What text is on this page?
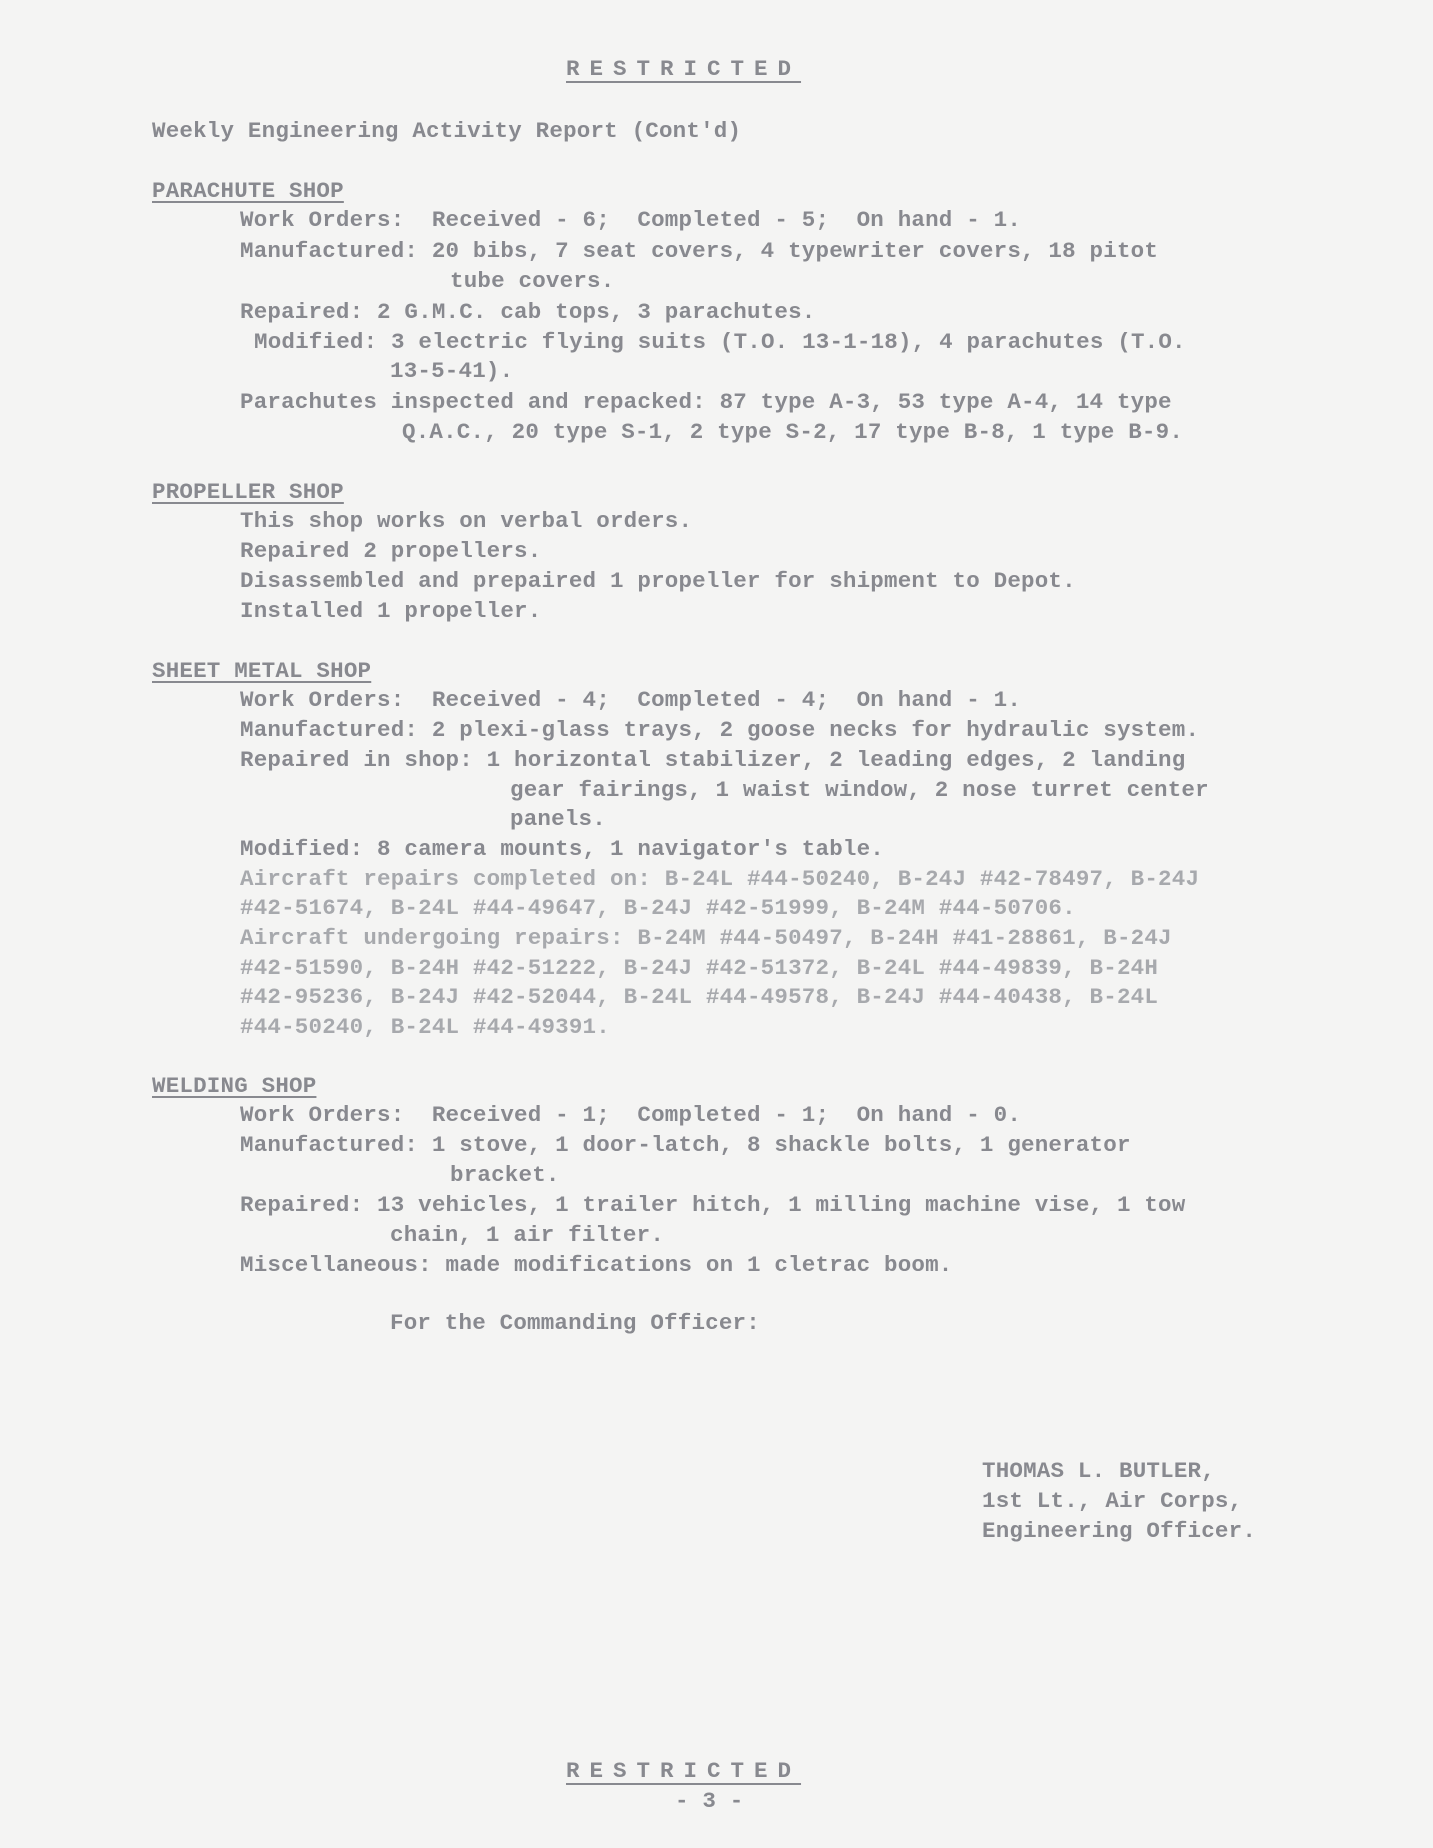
RESTRICTED
Weekly Engineering Activity Report (Cont'd)
PARACHUTE SHOP
Work Orders:  Received - 6;  Completed - 5;  On hand - 1.
Manufactured: 20 bibs, 7 seat covers, 4 typewriter covers, 18 pitot
tube covers.
Repaired: 2 G.M.C. cab tops, 3 parachutes.
Modified: 3 electric flying suits (T.O. 13-1-18), 4 parachutes (T.O.
13-5-41).
Parachutes inspected and repacked: 87 type A-3, 53 type A-4, 14 type
Q.A.C., 20 type S-1, 2 type S-2, 17 type B-8, 1 type B-9.
PROPELLER SHOP
This shop works on verbal orders.
Repaired 2 propellers.
Disassembled and prepaired 1 propeller for shipment to Depot.
Installed 1 propeller.
SHEET METAL SHOP
Work Orders:  Received - 4;  Completed - 4;  On hand - 1.
Manufactured: 2 plexi-glass trays, 2 goose necks for hydraulic system.
Repaired in shop: 1 horizontal stabilizer, 2 leading edges, 2 landing
gear fairings, 1 waist window, 2 nose turret center
panels.
Modified: 8 camera mounts, 1 navigator's table.
Aircraft repairs completed on: B-24L #44-50240, B-24J #42-78497, B-24J
#42-51674, B-24L #44-49647, B-24J #42-51999, B-24M #44-50706.
Aircraft undergoing repairs: B-24M #44-50497, B-24H #41-28861, B-24J
#42-51590, B-24H #42-51222, B-24J #42-51372, B-24L #44-49839, B-24H
#42-95236, B-24J #42-52044, B-24L #44-49578, B-24J #44-40438, B-24L
#44-50240, B-24L #44-49391.
WELDING SHOP
Work Orders:  Received - 1;  Completed - 1;  On hand - 0.
Manufactured: 1 stove, 1 door-latch, 8 shackle bolts, 1 generator
bracket.
Repaired: 13 vehicles, 1 trailer hitch, 1 milling machine vise, 1 tow
chain, 1 air filter.
Miscellaneous: made modifications on 1 cletrac boom.
For the Commanding Officer:
THOMAS L. BUTLER,
1st Lt., Air Corps,
Engineering Officer.
RESTRICTED
- 3 -
